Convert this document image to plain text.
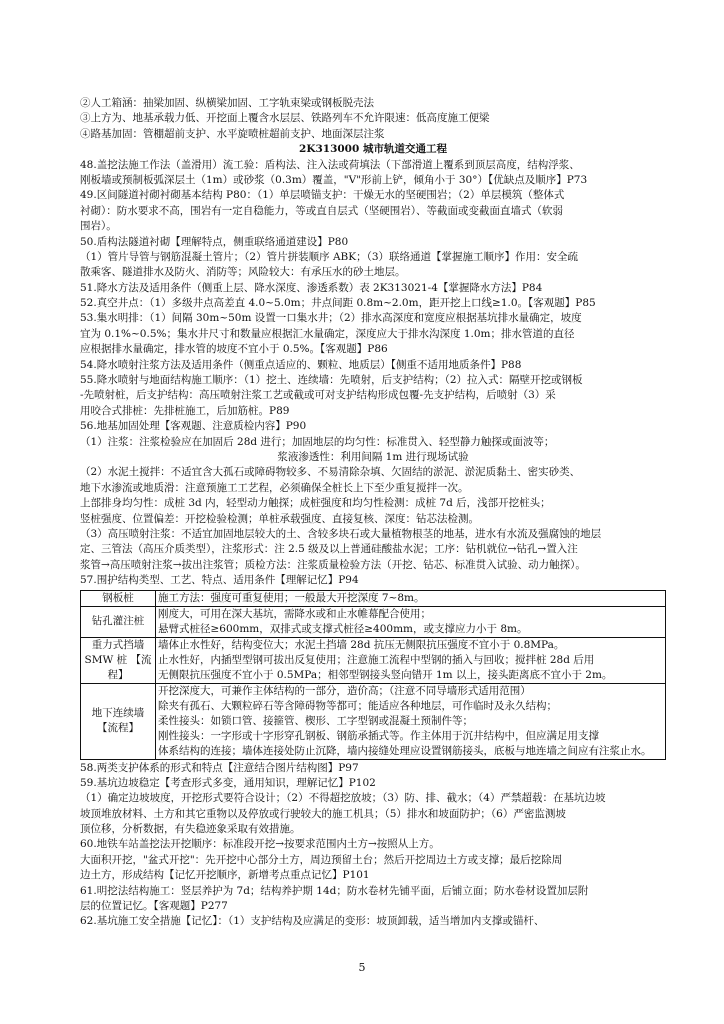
②人工箱涵：抽梁加固、纵横梁加固、工字轨束梁或钢板脱壳法
③上方为、地基承载力低、开挖面上覆含水层层、铁路列车不允许限速：低高度施工便梁
④路基加固：管棚超前支护、水平旋喷桩超前支护、地面深层注浆
2K313000 城市轨道交通工程
48.盖挖法施工作法（盖滑用）流工验：盾构法、注入法或荷填法（下部滑道上覆系到顶层高度，结构浮浆、
刚板墙或预制板弧深层土（1m）或砂浆（0.3m）覆盖，"V"形前上铲，倾角小于 30°）【优缺点及顺序】P73
49.区间隧道衬砌衬砌基本结构 P80：（1）单层喷锚支护：干燥无水的坚硬围岩；（2）单层模筑（整体式
衬砌）：防水要求不高，围岩有一定自稳能力，等或直自层式（坚硬围岩）、等截面或变截面直墙式（软弱
围岩）。
50.盾构法隧道衬砌【理解特点，侧重联络通道建设】P80
（1）管片导管与钢筋混凝土管片；（2）管片拼装顺序 ABK；（3）联络通道【掌握施工顺序】作用：安全疏
散乘客、隧道排水及防火、消防等；风险较大：有承压水的砂土地层。
51.降水方法及适用条件（侧重上层、降水深度、渗透系数）表 2K313021-4【掌握降水方法】P84
52.真空井点：（1）多级井点高差直 4.0~5.0m；井点间距 0.8m~2.0m，距开挖上口线≥1.0。【客观题】P85
53.集水明排：（1）间隔 30m~50m 设置一口集水井；（2）排水高深度和宽度应根据基坑排水量确定，坡度
宜为 0.1%~0.5%；集水井尺寸和数量应根据汇水量确定，深度应大于排水沟深度 1.0m；排水管道的直径
应根据排水量确定，排水管的坡度不宜小于 0.5%。【客观题】P86
54.降水喷射注浆方法及适用条件（侧重点适应的、颗粒、地质层）【侧重不适用地质条件】P88
55.降水喷射与地面结构施工顺序：（1）挖土、连续墙：先喷射，后支护结构；（2）拉入式：隔壁开挖或钢板
-先喷射桩，后支护结构：高压喷射注浆工艺或截或可对支护结构形成包覆-先支护结构，后喷射（3）采
用咬合式排桩：先排桩施工，后加筋桩。P89
56.地基加固处理【客观题、注意质检内容】P90
（1）注浆：注浆检验应在加固后 28d 进行；加固地层的均匀性：标准贯入、轻型静力触探或面波等；
浆液渗透性：利用间隔 1m 进行现场试验
（2）水泥土搅拌：不适宜含大孤石或障碍物较多、不易清除杂填、欠固结的淤泥、淤泥质黏土、密实砂类、
地下水渗流或地质滑：注意预施工工艺程，必须确保全桩长上下至少重复搅拌一次。
上部排身均匀性：成桩 3d 内，轻型动力触探；成桩强度和均匀性检测：成桩 7d 后，浅部开挖桩头；
竖桩强度、位置偏差：开挖检验检测；单桩承载强度、直接复核、深度：钻芯法检测。
（3）高压喷射注浆：不适宜加固地层较大的土、含较多块石或大量植物根茎的地基，进水有水流及强腐蚀的地层
定、三管法（高压介质类型），注浆形式：注 2.5 级及以上普通硅酸盐水泥；工序：钻机就位→钻孔→置入注
浆管→高压喷射注浆→拔出注浆管；质检方法：注浆质量检验方法（开挖、钻芯、标准贯入试验、动力触探）。
57.围护结构类型、工艺、特点、适用条件【理解记忆】P94
钢板桩	施工方法：强度可重复使用；一般最大开挖深度 7~8m。

钻孔灌注桩	刚度大，可用在深大基坑，需降水或和止水帷幕配合使用；
悬臂式桩径≥600mm，双排式或支撑式桩径≥400mm，或支撑应力小于 8m。

重力式挡墙 SMW 桩 【流程】	墙体止水性好，结构变位大；水泥土挡墙 28d 抗压无侧限抗压强度不宜小于 0.8MPa。
止水性好，内插型型钢可拔出反复使用；注意施工流程中型钢的插入与回收；搅拌桩 28d 后用
无侧限抗压强度不宜小于 0.5MPa；相邻型钢接头竖向错开 1m 以上，接头距离底不宜小于 2m。

地下连续墙 【流程】	开挖深度大，可兼作主体结构的一部分，造价高；（注意不同导墙形式适用范围）
除夹有孤石、大颗粒碎石等含障碍物等都可；能适应各种地层，可作临时及永久结构；
柔性接头：如锁口管、接箍管、楔形、工字型钢或混凝土预制件等；
刚性接头：一字形或十字形穿孔钢板、钢筋承插式等。作主体用于沉井结构中，但应满足用支撑
体系结构的连接；墙体连接处防止沉降，墙内接缝处理应设置钢筋接头，底板与地连墙之间应有注浆止水。
58.两类支护体系的形式和特点【注意结合图片结构图】P97
59.基坑边坡稳定【考查形式多变，通用知识，理解记忆】P102
（1）确定边坡坡度，开挖形式要符合设计；（2）不得超挖放坡；（3）防、排、截水；（4）严禁超载：在基坑边坡
坡顶堆放材料、土方和其它重物以及停放或行驶较大的施工机具；（5）排水和坡面防护；（6）严密监测坡
顶位移，分析数据，有失稳迹象采取有效措施。
60.地铁车站盖挖法开挖顺序：标准段开挖→按要求范围内土方→按照从上方。
大面积开挖，"盆式开挖"：先开挖中心部分土方，周边预留土台；然后开挖周边土方或支撑；最后挖除周
边土方，形成结构【记忆开挖顺序，新增考点重点记忆】P101
61.明挖法结构施工：竖层养护为 7d；结构养护期 14d；防水卷材先铺平面，后铺立面；防水卷材设置加层附
层的位置记忆。【客观题】P277
62.基坑施工安全措施【记忆】：（1）支护结构及应满足的变形：坡顶卸载，适当增加内支撑或锚杆、
5
